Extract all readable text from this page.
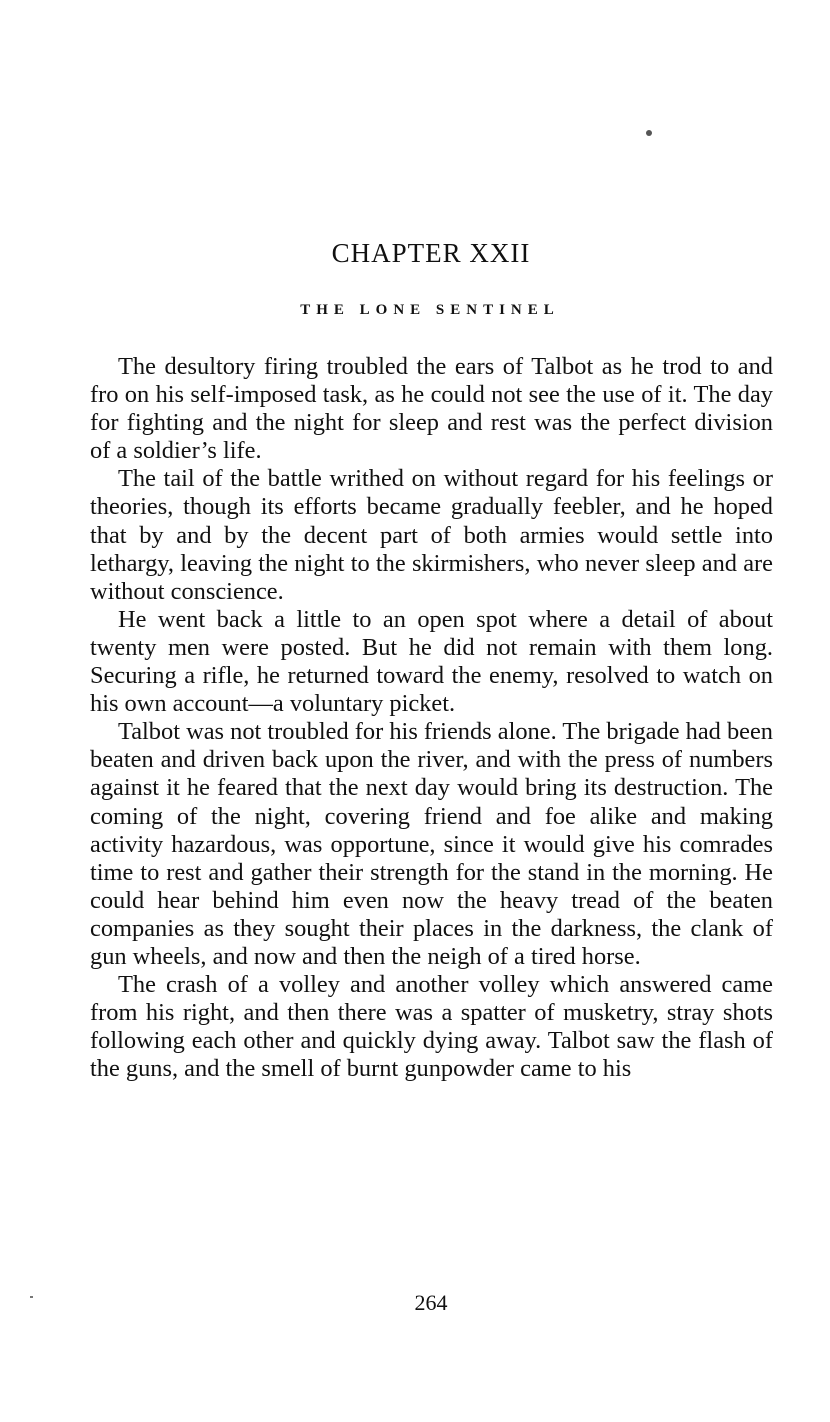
CHAPTER XXII
THE LONE SENTINEL

The desultory firing troubled the ears of Talbot as he trod to and fro on his self-imposed task, as he could not see the use of it. The day for fighting and the night for sleep and rest was the perfect division of a soldier’s life.

The tail of the battle writhed on without regard for his feelings or theories, though its efforts became gradually feebler, and he hoped that by and by the decent part of both armies would settle into lethargy, leaving the night to the skirmishers, who never sleep and are without conscience.

He went back a little to an open spot where a detail of about twenty men were posted. But he did not remain with them long. Securing a rifle, he returned toward the enemy, resolved to watch on his own account—a voluntary picket.

Talbot was not troubled for his friends alone. The brigade had been beaten and driven back upon the river, and with the press of numbers against it he feared that the next day would bring its destruction. The coming of the night, covering friend and foe alike and making activity hazardous, was opportune, since it would give his comrades time to rest and gather their strength for the stand in the morning. He could hear behind him even now the heavy tread of the beaten companies as they sought their places in the darkness, the clank of gun wheels, and now and then the neigh of a tired horse.

The crash of a volley and another volley which answered came from his right, and then there was a spatter of musketry, stray shots following each other and quickly dying away. Talbot saw the flash of the guns, and the smell of burnt gunpowder came to his

264
